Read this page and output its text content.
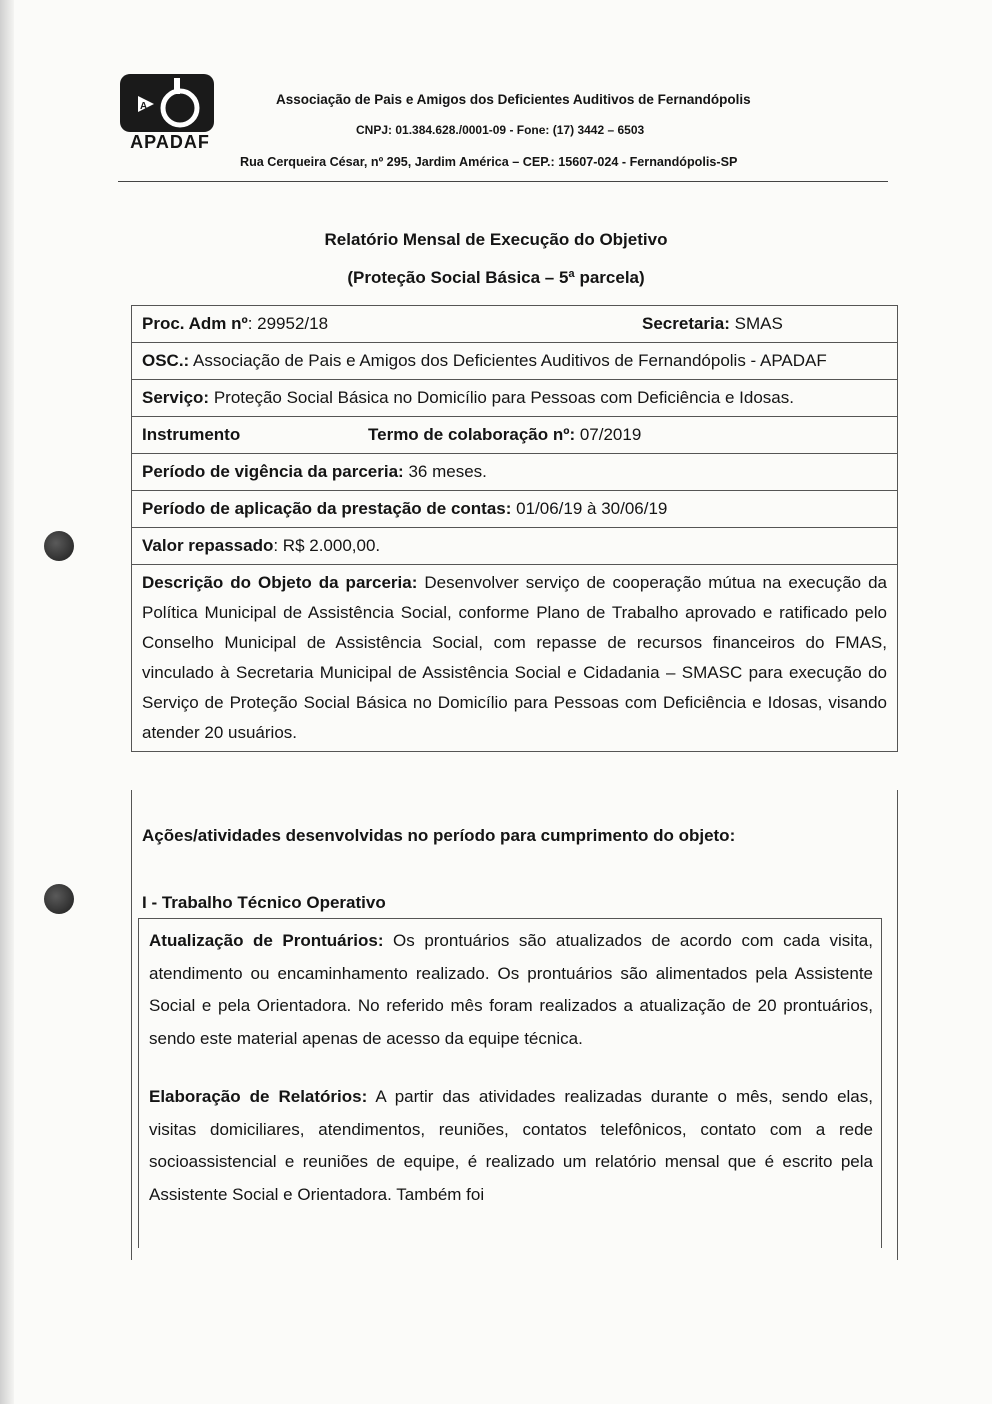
A
APADAF
Associação de Pais e Amigos dos Deficientes Auditivos de Fernandópolis
CNPJ: 01.384.628./0001-09 - Fone: (17) 3442 – 6503
Rua Cerqueira César, nº 295, Jardim América – CEP.: 15607-024 - Fernandópolis-SP
Relatório Mensal de Execução do Objetivo
(Proteção Social Básica – 5ª parcela)
Proc. Adm nº: 29952/18	Secretaria: SMAS
OSC.: Associação de Pais e Amigos dos Deficientes Auditivos de Fernandópolis - APADAF
Serviço: Proteção Social Básica no Domicílio para Pessoas com Deficiência e Idosas.
Instrumento	Termo de colaboração nº: 07/2019
Período de vigência da parceria: 36 meses.
Período de aplicação da prestação de contas: 01/06/19 à 30/06/19
Valor repassado: R$ 2.000,00.
Descrição do Objeto da parceria: Desenvolver serviço de cooperação mútua na execução da Política Municipal de Assistência Social, conforme Plano de Trabalho aprovado e ratificado pelo Conselho Municipal de Assistência Social, com repasse de recursos financeiros do FMAS, vinculado à Secretaria Municipal de Assistência Social e Cidadania – SMASC para execução do Serviço de Proteção Social Básica no Domicílio para Pessoas com Deficiência e Idosas, visando atender 20 usuários.
Ações/atividades desenvolvidas no período para cumprimento do objeto:
I - Trabalho Técnico Operativo

Atualização de Prontuários: Os prontuários são atualizados de acordo com cada visita, atendimento ou encaminhamento realizado. Os prontuários são alimentados pela Assistente Social e pela Orientadora. No referido mês foram realizados a atualização de 20 prontuários, sendo este material apenas de acesso da equipe técnica.

Elaboração de Relatórios: A partir das atividades realizadas durante o mês, sendo elas, visitas domiciliares, atendimentos, reuniões, contatos telefônicos, contato com a rede socioassistencial e reuniões de equipe, é realizado um relatório mensal que é escrito pela Assistente Social e Orientadora. Também foi
